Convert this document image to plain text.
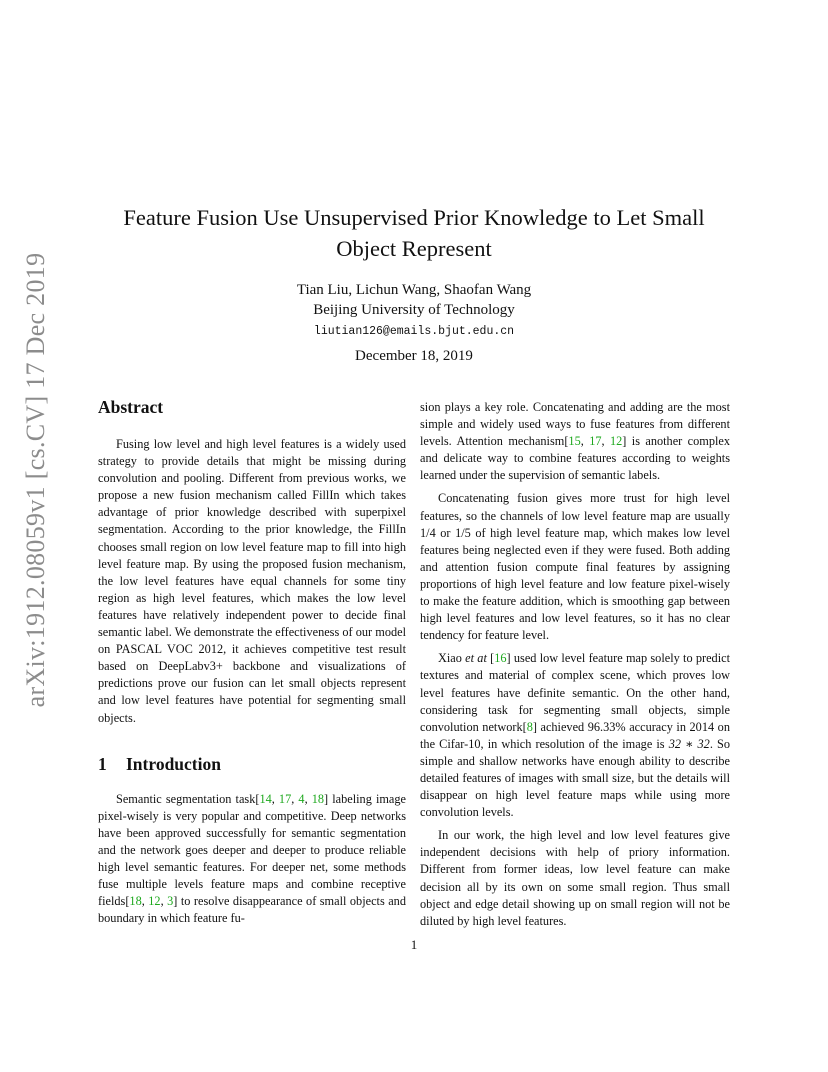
arXiv:1912.08059v1 [cs.CV] 17 Dec 2019
Feature Fusion Use Unsupervised Prior Knowledge to Let Small
Object Represent
Tian Liu, Lichun Wang, Shaofan Wang
Beijing University of Technology
liutian126@emails.bjut.edu.cn
December 18, 2019
Abstract

Fusing low level and high level features is a widely used strategy to provide details that might be missing during convolution and pooling. Different from previous works, we propose a new fusion mechanism called FillIn which takes advantage of prior knowledge described with superpixel segmentation. According to the prior knowledge, the FillIn chooses small region on low level feature map to fill into high level feature map. By using the proposed fusion mechanism, the low level features have equal channels for some tiny region as high level features, which makes the low level features have relatively independent power to decide final semantic label. We demonstrate the effectiveness of our model on PASCAL VOC 2012, it achieves competitive test result based on DeepLabv3+ backbone and visualizations of predictions prove our fusion can let small objects represent and low level features have potential for segmenting small objects.

1 Introduction

Semantic segmentation task[14, 17, 4, 18] labeling image pixel-wisely is very popular and competitive. Deep networks have been approved successfully for semantic segmentation and the network goes deeper and deeper to produce reliable high level semantic features. For deeper net, some methods fuse multiple levels feature maps and combine receptive fields[18, 12, 3] to resolve disappearance of small objects and boundary in which feature fu-

sion plays a key role. Concatenating and adding are the most simple and widely used ways to fuse features from different levels. Attention mechanism[15, 17, 12] is another complex and delicate way to combine features according to weights learned under the supervision of semantic labels.

Concatenating fusion gives more trust for high level features, so the channels of low level feature map are usually 1/4 or 1/5 of high level feature map, which makes low level features being neglected even if they were fused. Both adding and attention fusion compute final features by assigning proportions of high level feature and low feature pixel-wisely to make the feature addition, which is smoothing gap between high level features and low level features, so it has no clear tendency for feature level.

Xiao et at [16] used low level feature map solely to predict textures and material of complex scene, which proves low level features have definite semantic. On the other hand, considering task for segmenting small objects, simple convolution network[8] achieved 96.33% accuracy in 2014 on the Cifar-10, in which resolution of the image is 32 ∗ 32. So simple and shallow networks have enough ability to describe detailed features of images with small size, but the details will disappear on high level feature maps while using more convolution levels.

In our work, the high level and low level features give independent decisions with help of priory information. Different from former ideas, low level feature can make decision all by its own on some small region. Thus small object and edge detail showing up on small region will not be diluted by high level features.

1
